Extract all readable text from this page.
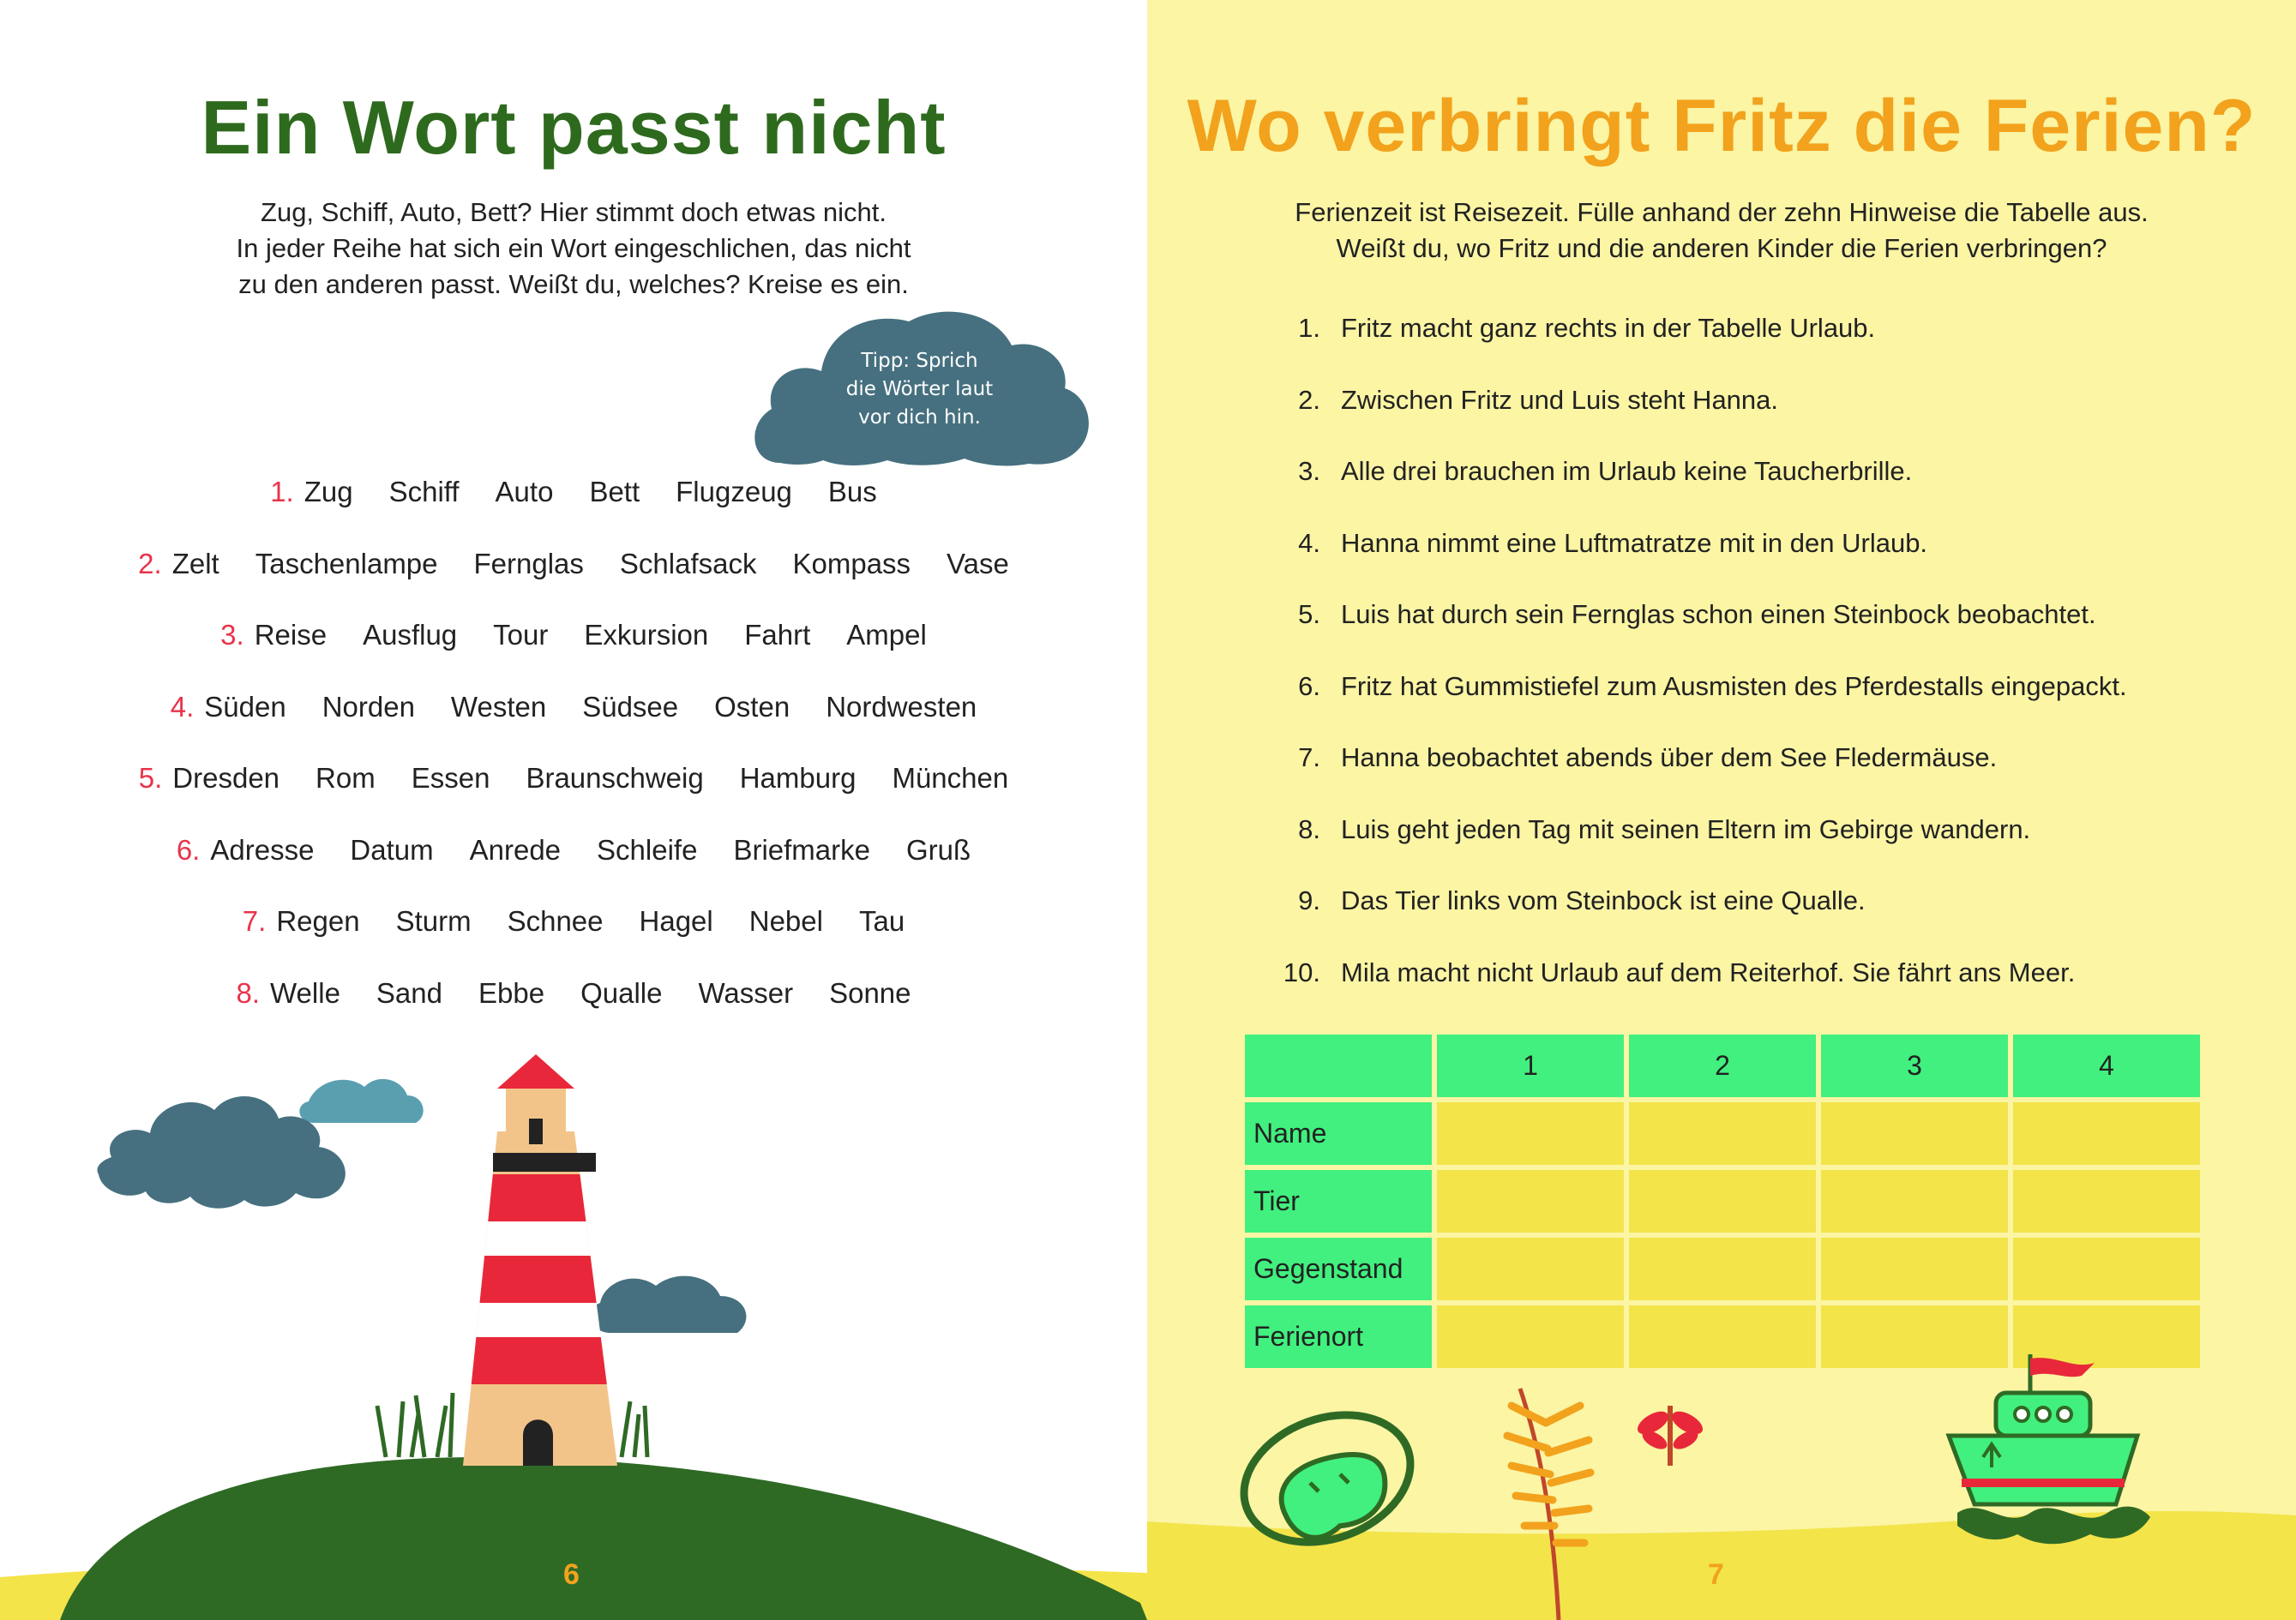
Ein Wort passt nicht
Zug, Schiff, Auto, Bett? Hier stimmt doch etwas nicht.
In jeder Reihe hat sich ein Wort eingeschlichen, das nicht
zu den anderen passt. Weißt du, welches? Kreise es ein.
Tipp: Sprich
die Wörter laut
vor dich hin.
1. Zug Schiff Auto Bett Flugzeug Bus
2. Zelt Taschenlampe Fernglas Schlafsack Kompass Vase
3. Reise Ausflug Tour Exkursion Fahrt Ampel
4. Süden Norden Westen Südsee Osten Nordwesten
5. Dresden Rom Essen Braunschweig Hamburg München
6. Adresse Datum Anrede Schleife Briefmarke Gruß
7. Regen Sturm Schnee Hagel Nebel Tau
8. Welle Sand Ebbe Qualle Wasser Sonne
6
Wo verbringt Fritz die Ferien?
Ferienzeit ist Reisezeit. Fülle anhand der zehn Hinweise die Tabelle aus.
Weißt du, wo Fritz und die anderen Kinder die Ferien verbringen?
1. Fritz macht ganz rechts in der Tabelle Urlaub.
2. Zwischen Fritz und Luis steht Hanna.
3. Alle drei brauchen im Urlaub keine Taucherbrille.
4. Hanna nimmt eine Luftmatratze mit in den Urlaub.
5. Luis hat durch sein Fernglas schon einen Steinbock beobachtet.
6. Fritz hat Gummistiefel zum Ausmisten des Pferdestalls eingepackt.
7. Hanna beobachtet abends über dem See Fledermäuse.
8. Luis geht jeden Tag mit seinen Eltern im Gebirge wandern.
9. Das Tier links vom Steinbock ist eine Qualle.
10. Mila macht nicht Urlaub auf dem Reiterhof. Sie fährt ans Meer.
	1	2	3	4
Name				
Tier				
Gegenstand				
Ferienort				
7
